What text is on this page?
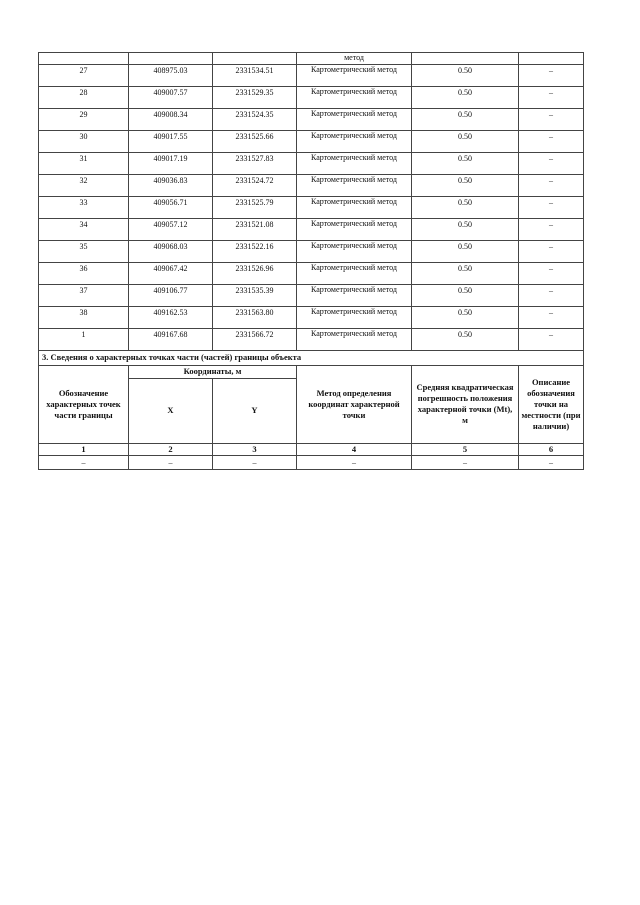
			метод		
27	408975.03	2331534.51	Картометрический метод	0.50	–
28	409007.57	2331529.35	Картометрический метод	0.50	–
29	409008.34	2331524.35	Картометрический метод	0.50	–
30	409017.55	2331525.66	Картометрический метод	0.50	–
31	409017.19	2331527.83	Картометрический метод	0.50	–
32	409036.83	2331524.72	Картометрический метод	0.50	–
33	409056.71	2331525.79	Картометрический метод	0.50	–
34	409057.12	2331521.08	Картометрический метод	0.50	–
35	409068.03	2331522.16	Картометрический метод	0.50	–
36	409067.42	2331526.96	Картометрический метод	0.50	–
37	409106.77	2331535.39	Картометрический метод	0.50	–
38	409162.53	2331563.80	Картометрический метод	0.50	–
1	409167.68	2331566.72	Картометрический метод	0.50	–
3. Сведения о характерных точках части (частей) границы объекта					
Обозначение характерных точек части границы	Координаты, м		Метод определения координат характерной точки	Средняя квадратическая погрешность положения характерной точки (Mt), м	Описание обозначения точки на местности (при наличии)
	X	Y			
1	2	3	4	5	6
–	–	–	–	–	–
